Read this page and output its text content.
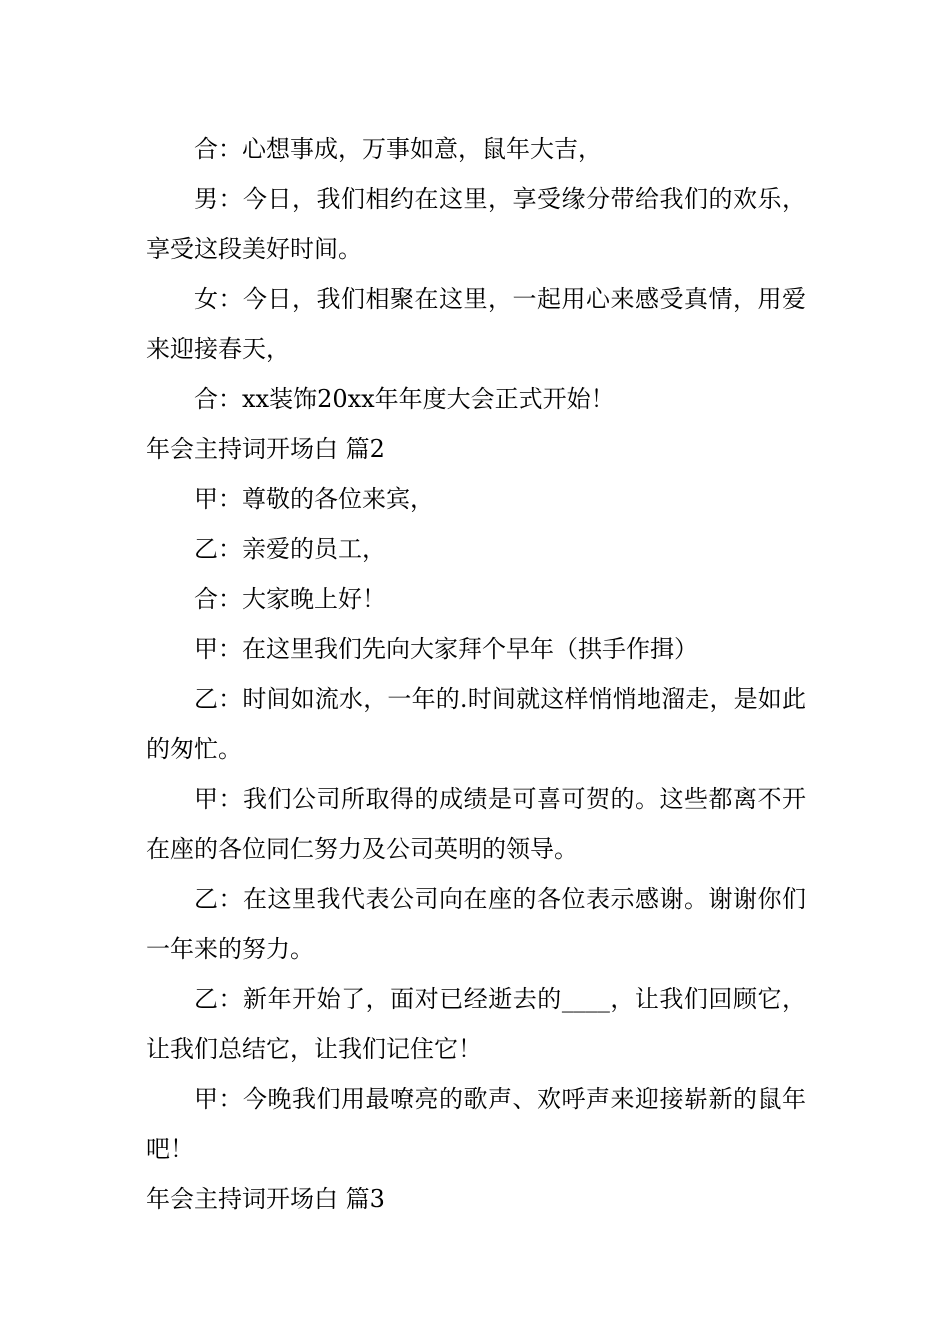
合：心想事成，万事如意，鼠年大吉，

男：今日，我们相约在这里，享受缘分带给我们的欢乐，享受这段美好时间。

女：今日，我们相聚在这里，一起用心来感受真情，用爱来迎接春天，

合：xx装饰20xx年年度大会正式开始！

年会主持词开场白 篇2

甲：尊敬的各位来宾，

乙：亲爱的员工，

合：大家晚上好！

甲：在这里我们先向大家拜个早年（拱手作揖）

乙：时间如流水，一年的.时间就这样悄悄地溜走，是如此的匆忙。

甲：我们公司所取得的成绩是可喜可贺的。这些都离不开在座的各位同仁努力及公司英明的领导。

乙：在这里我代表公司向在座的各位表示感谢。谢谢你们一年来的努力。

乙：新年开始了，面对已经逝去的____，让我们回顾它，让我们总结它，让我们记住它！

甲：今晚我们用最嘹亮的歌声、欢呼声来迎接崭新的鼠年吧！

年会主持词开场白 篇3
